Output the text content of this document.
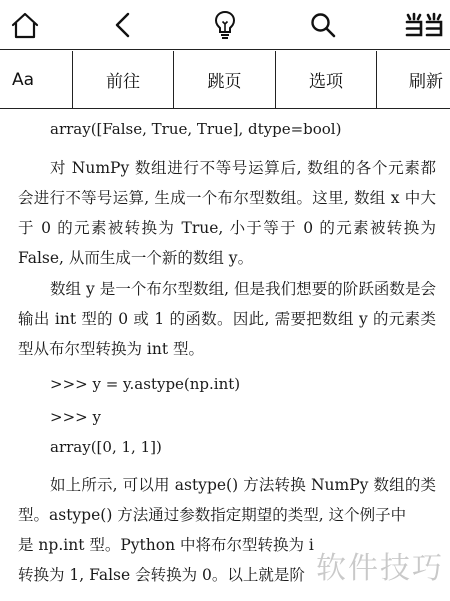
Aa	前往	跳页	选项	刷新
array([False, True, True], dtype=bool)
对 NumPy 数组进行不等号运算后, 数组的各个元素都会进行不等号运算, 生成一个布尔型数组。这里, 数组 x 中大于 0 的元素被转换为 True, 小于等于 0 的元素被转换为 False, 从而生成一个新的数组 y。
数组 y 是一个布尔型数组, 但是我们想要的阶跃函数是会输出 int 型的 0 或 1 的函数。因此, 需要把数组 y 的元素类型从布尔型转换为 int 型。
>>> y = y.astype(np.int)
>>> y
array([0, 1, 1])
如上所示, 可以用 astype() 方法转换 NumPy 数组的类型。astype() 方法通过参数指定期望的类型, 这个例子中
是 np.int 型。Python 中将布尔型转换为 i
转换为 1, False 会转换为 0。以上就是阶 软件技巧
